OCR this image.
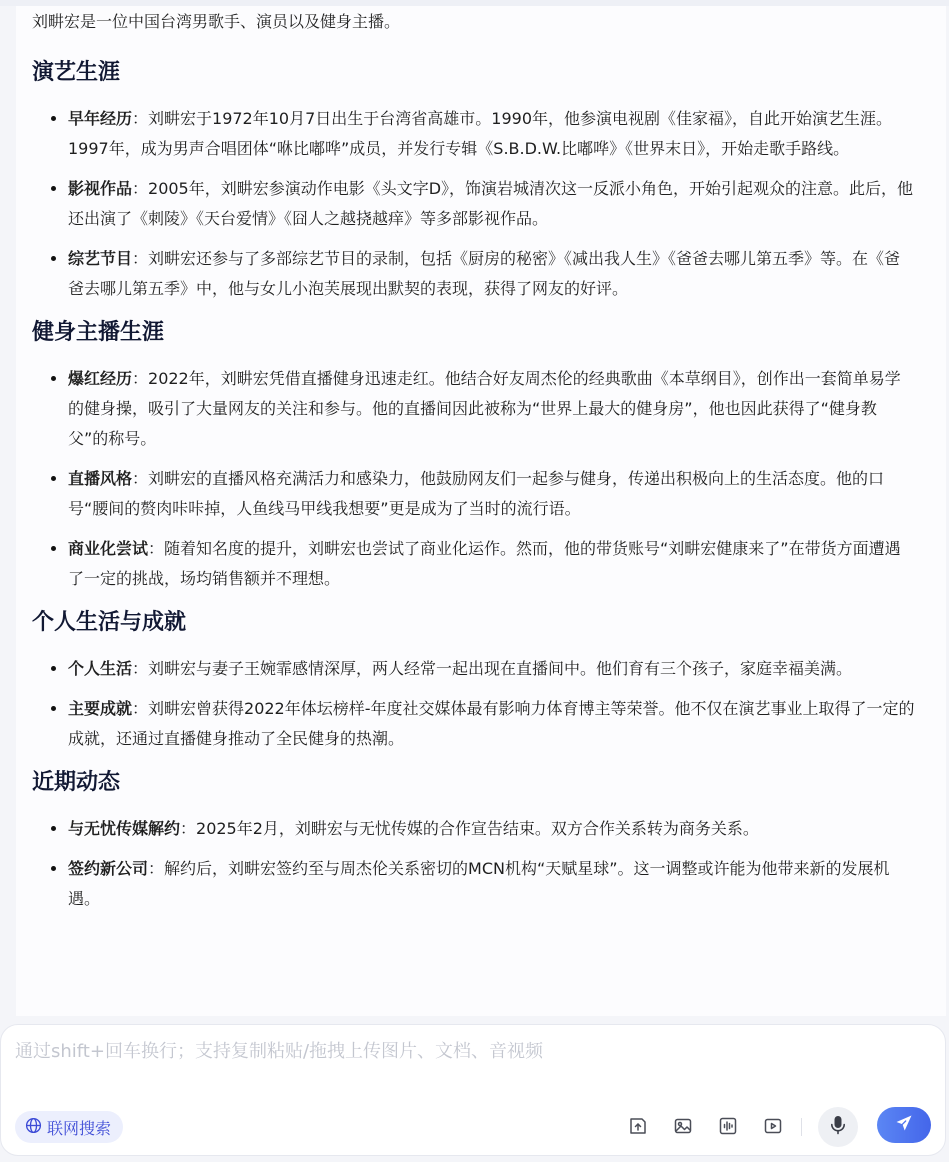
刘畊宏是一位中国台湾男歌手、演员以及健身主播。

演艺生涯
• 早年经历：刘畊宏于1972年10月7日出生于台湾省高雄市。1990年，他参演电视剧《佳家福》，自此开始演艺生涯。1997年，成为男声合唱团体“咻比嘟哗”成员，并发行专辑《S.B.D.W.比嘟哗》《世界末日》，开始走歌手路线。
• 影视作品：2005年，刘畊宏参演动作电影《头文字D》，饰演岩城清次这一反派小角色，开始引起观众的注意。此后，他还出演了《刺陵》《天台爱情》《囧人之越挠越痒》等多部影视作品。
• 综艺节目：刘畊宏还参与了多部综艺节目的录制，包括《厨房的秘密》《减出我人生》《爸爸去哪儿第五季》等。在《爸爸去哪儿第五季》中，他与女儿小泡芙展现出默契的表现，获得了网友的好评。
健身主播生涯
• 爆红经历：2022年，刘畊宏凭借直播健身迅速走红。他结合好友周杰伦的经典歌曲《本草纲目》，创作出一套简单易学的健身操，吸引了大量网友的关注和参与。他的直播间因此被称为“世界上最大的健身房”，他也因此获得了“健身教父”的称号。
• 直播风格：刘畊宏的直播风格充满活力和感染力，他鼓励网友们一起参与健身，传递出积极向上的生活态度。他的口号“腰间的赘肉咔咔掉，人鱼线马甲线我想要”更是成为了当时的流行语。
• 商业化尝试：随着知名度的提升，刘畊宏也尝试了商业化运作。然而，他的带货账号“刘畊宏健康来了”在带货方面遭遇了一定的挑战，场均销售额并不理想。
个人生活与成就
• 个人生活：刘畊宏与妻子王婉霏感情深厚，两人经常一起出现在直播间中。他们育有三个孩子，家庭幸福美满。
• 主要成就：刘畊宏曾获得2022年体坛榜样-年度社交媒体最有影响力体育博主等荣誉。他不仅在演艺事业上取得了一定的成就，还通过直播健身推动了全民健身的热潮。
近期动态
• 与无忧传媒解约：2025年2月，刘畊宏与无忧传媒的合作宣告结束。双方合作关系转为商务关系。
• 签约新公司：解约后，刘畊宏签约至与周杰伦关系密切的MCN机构“天赋星球”。这一调整或许能为他带来新的发展机遇。
通过shift+回车换行；支持复制粘贴/拖拽上传图片、文档、音视频
联网搜索
